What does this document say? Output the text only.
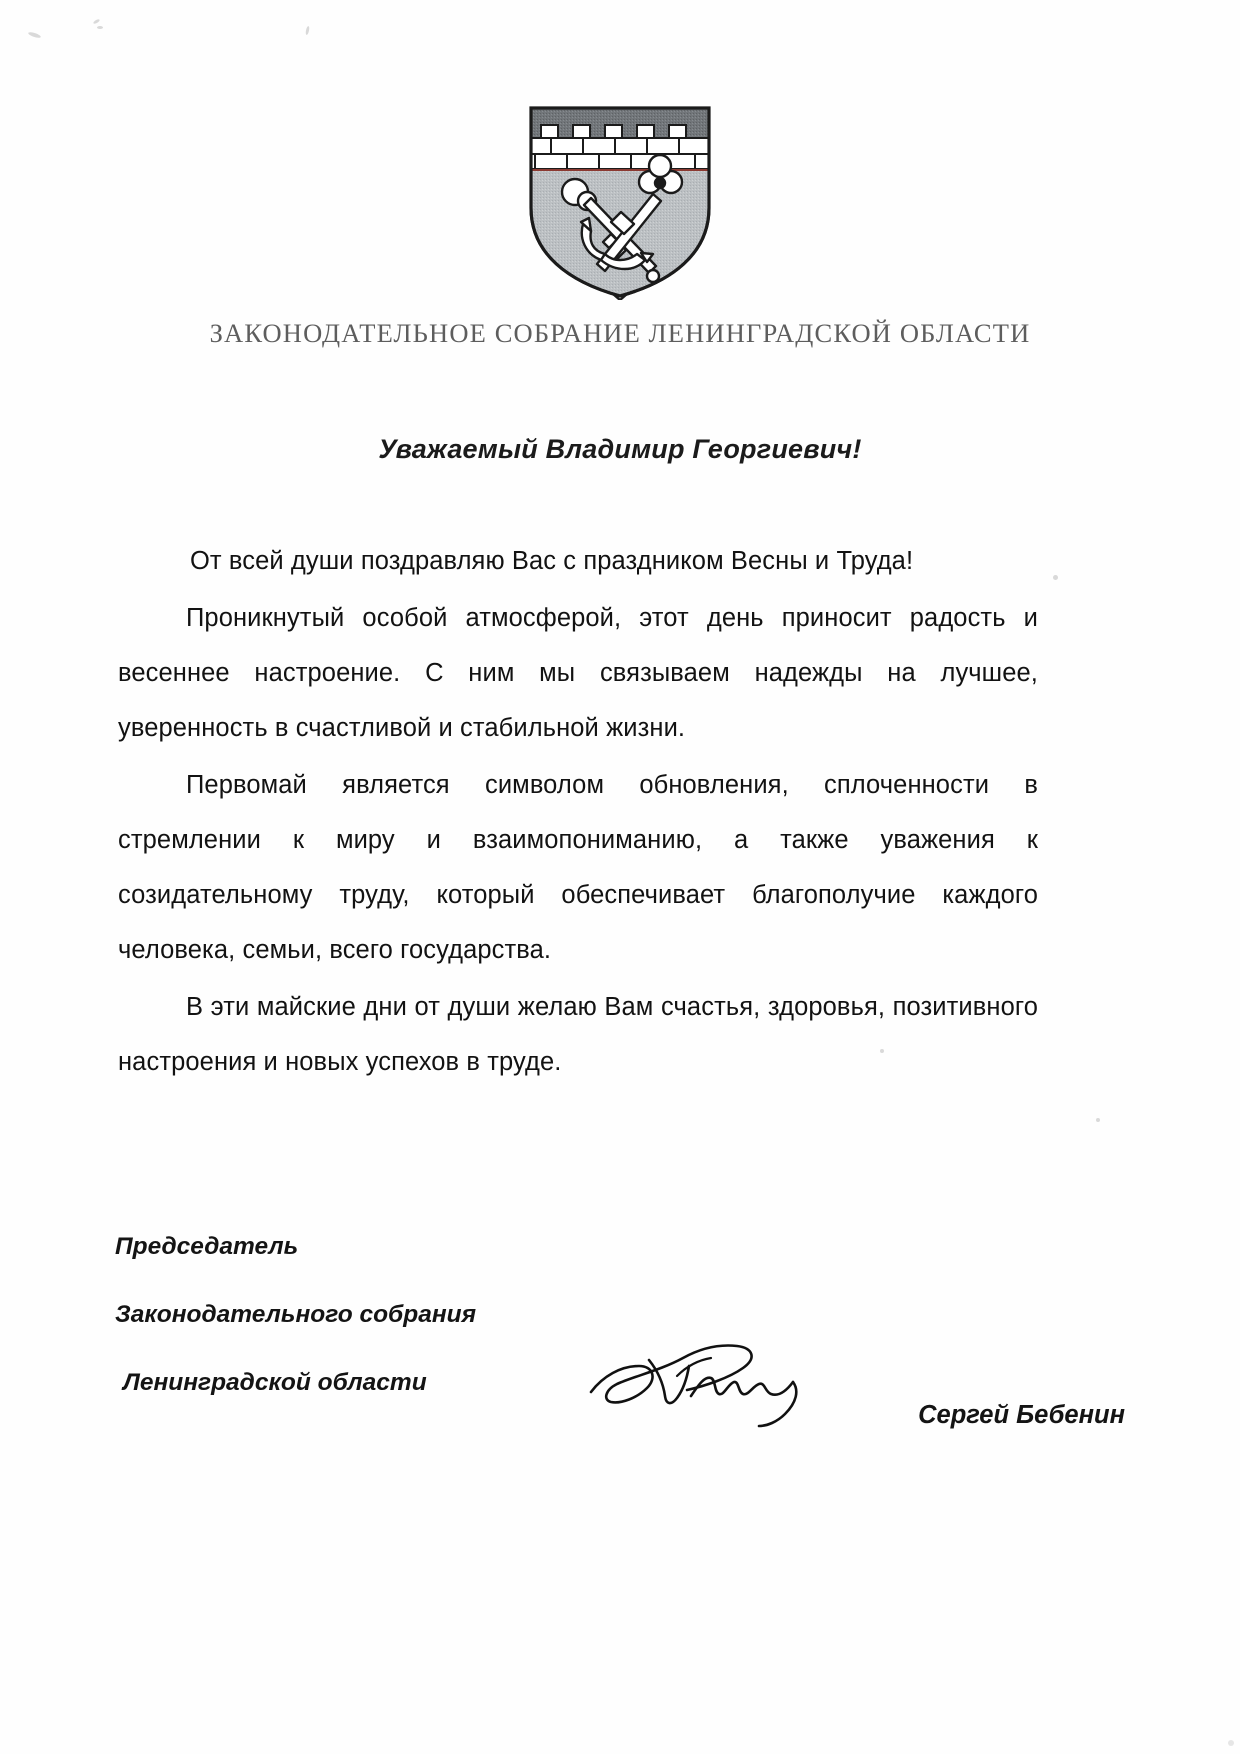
ЗАКОНОДАТЕЛЬНОЕ СОБРАНИЕ ЛЕНИНГРАДСКОЙ ОБЛАСТИ
Уважаемый Владимир Георгиевич!

От всей души поздравляю Вас с праздником Весны и Труда!

Проникнутый особой атмосферой, этот день приносит радость и весеннее настроение. С ним мы связываем надежды на лучшее, уверенность в счастливой и стабильной жизни.

Первомай является символом обновления, сплоченности в стремлении к миру и взаимопониманию, а также уважения к созидательному труду, который обеспечивает благополучие каждого человека, семьи, всего государства.

В эти майские дни от души желаю Вам счастья, здоровья, позитивного настроения и новых успехов в труде.

Председатель

Законодательного собрания

Ленинградской области

Сергей Бебенин
